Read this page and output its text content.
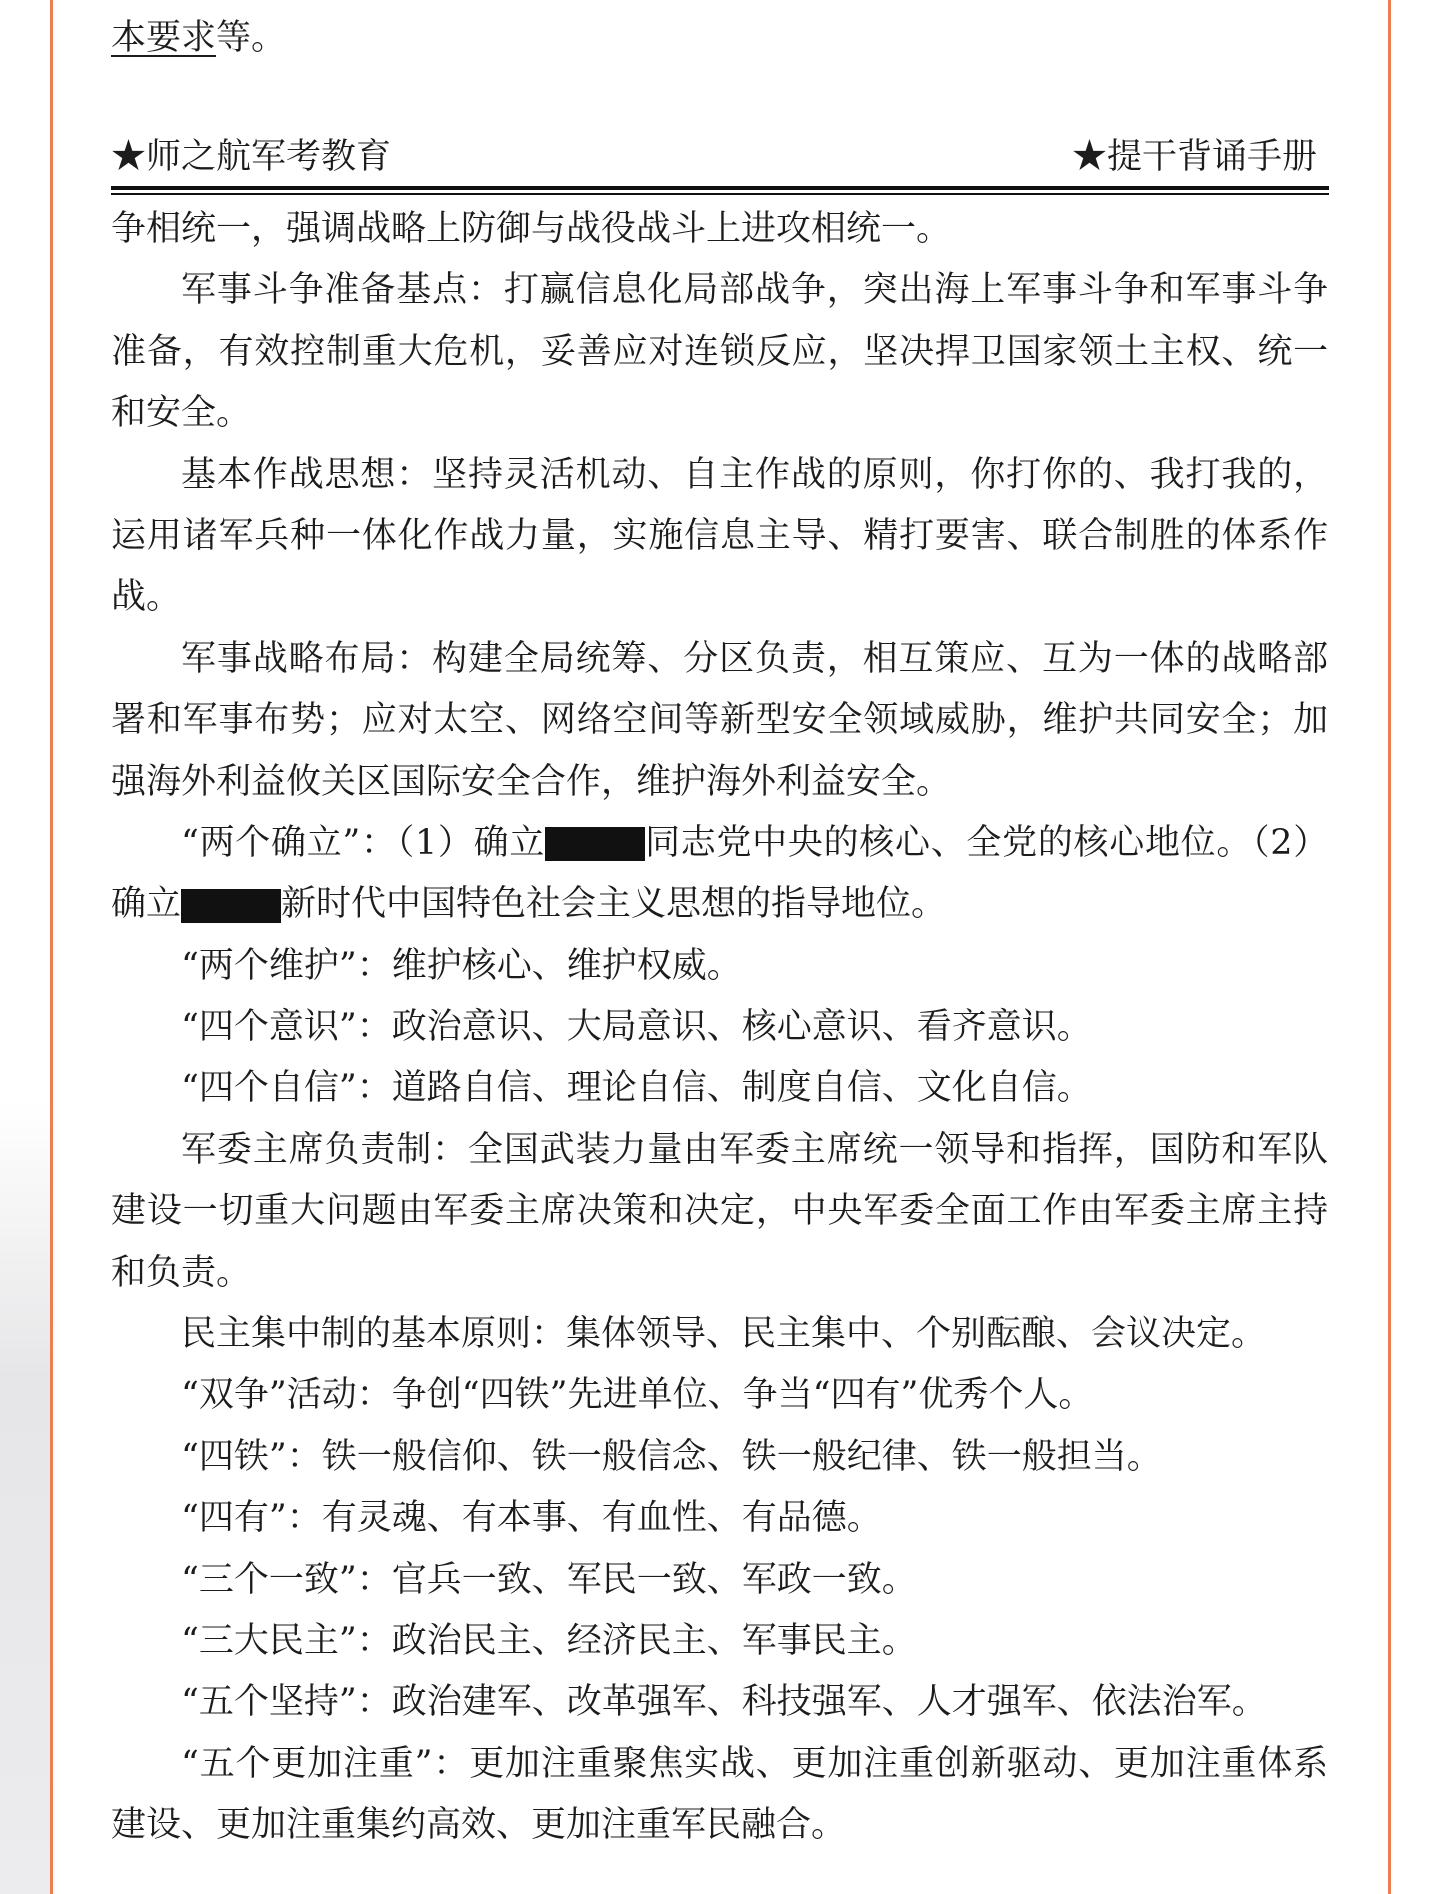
本要求等。
★师之航军考教育	★提干背诵手册
争相统一，强调战略上防御与战役战斗上进攻相统一。
军事斗争准备基点：打赢信息化局部战争，突出海上军事斗争和军事斗争
准备，有效控制重大危机，妥善应对连锁反应，坚决捍卫国家领土主权、统一
和安全。
基本作战思想：坚持灵活机动、自主作战的原则，你打你的、我打我的，
运用诸军兵种一体化作战力量，实施信息主导、精打要害、联合制胜的体系作
战。
军事战略布局：构建全局统筹、分区负责，相互策应、互为一体的战略部
署和军事布势；应对太空、网络空间等新型安全领域威胁，维护共同安全；加
强海外利益攸关区国际安全合作，维护海外利益安全。
“两个确立”：（1）确立	同志党中央的核心、全党的核心地位。（2）
确立	新时代中国特色社会主义思想的指导地位。
“两个维护”：维护核心、维护权威。
“四个意识”：政治意识、大局意识、核心意识、看齐意识。
“四个自信”：道路自信、理论自信、制度自信、文化自信。
军委主席负责制：全国武装力量由军委主席统一领导和指挥，国防和军队
建设一切重大问题由军委主席决策和决定，中央军委全面工作由军委主席主持
和负责。
民主集中制的基本原则：集体领导、民主集中、个别酝酿、会议决定。
“双争”活动：争创“四铁”先进单位、争当“四有”优秀个人。
“四铁”：铁一般信仰、铁一般信念、铁一般纪律、铁一般担当。
“四有”：有灵魂、有本事、有血性、有品德。
“三个一致”：官兵一致、军民一致、军政一致。
“三大民主”：政治民主、经济民主、军事民主。
“五个坚持”：政治建军、改革强军、科技强军、人才强军、依法治军。
“五个更加注重”：更加注重聚焦实战、更加注重创新驱动、更加注重体系
建设、更加注重集约高效、更加注重军民融合。
